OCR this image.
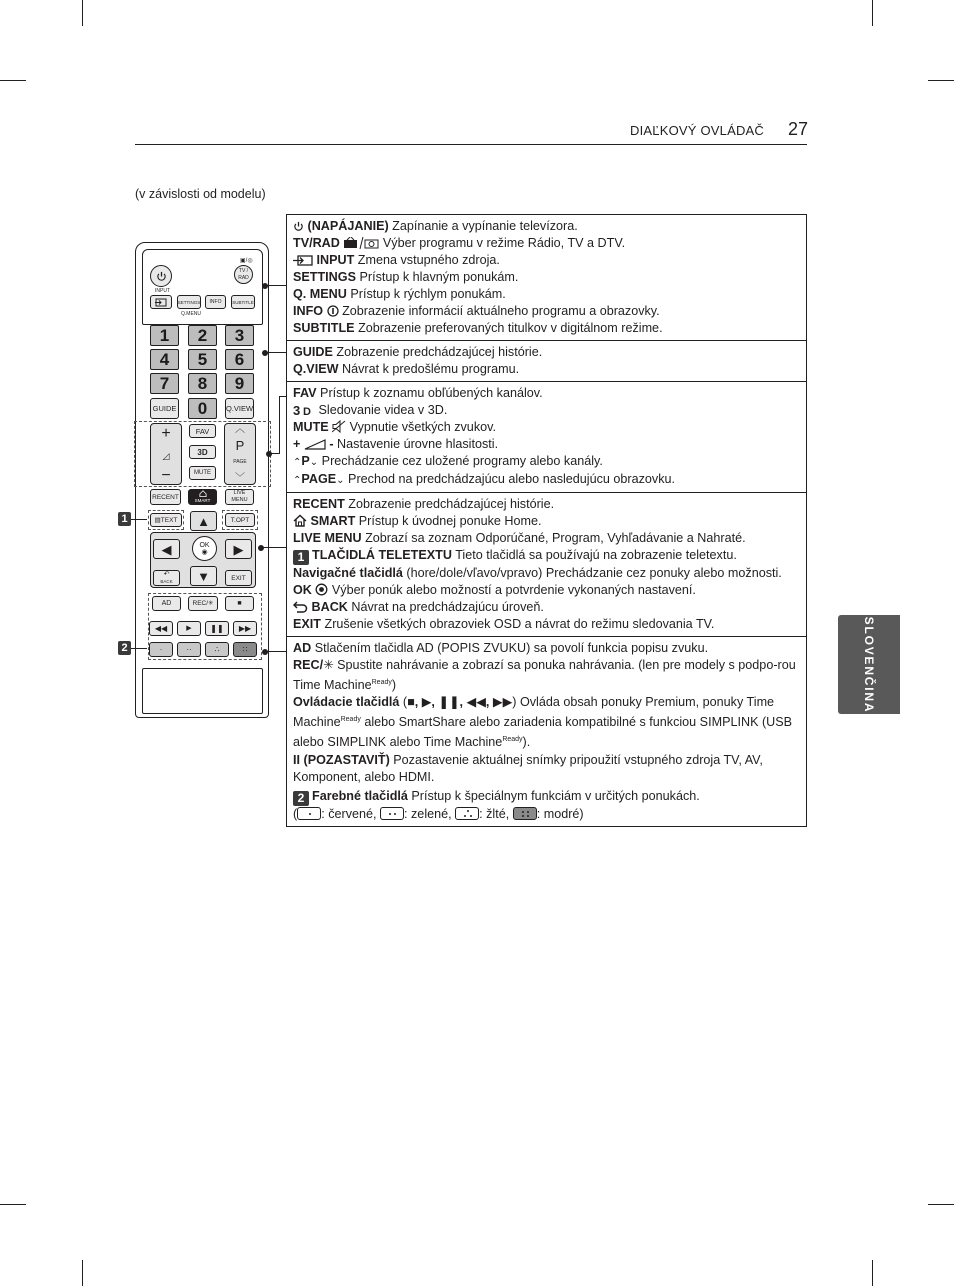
DIAĽKOVÝ OVLÁDAČ 27
(v závislosti od modelu)
SLOVENČINA
▣/◎
TV / RAD
INPUT
SETTINGS
Q.MENU
INFO	SUBTITLE
1	2	3
4	5	6
7	8	9
GUIDE	0	Q.VIEW
+
◿
−
FAV
3D
MUTE
︿
P
PAGE
﹀
RECENT	SMART
LIVE MENU
▤ TEXT	T.OPT
▲
◀	OK
◉ ▶
↶
BACK ▼	EXIT
AD	REC/ ✳	■
◀◀	▶ ❚❚ ▶▶
·	··	∴	∷
1
2
(NAPÁJANIE) Zapínanie a vypínanie televízora.
TV/RAD	Výber programu v režime Rádio, TV a DTV.
INPUT Zmena vstupného zdroja.
SETTINGS Prístup k hlavným ponukám.
Q. MENU Prístup k rýchlym ponukám.
INFO  Zobrazenie informácií aktuálneho programu a obrazovky.
SUBTITLE Zobrazenie preferovaných titulkov v digitálnom režime.
GUIDE Zobrazenie predchádzajúcej histórie.
Q.VIEW Návrat k predošlému programu.
FAV Prístup k zoznamu obľúbených kanálov.
3 D Sledovanie videa v 3D.
MUTE  Vypnutie všetkých zvukov.
+ - Nastavenie úrovne hlasitosti.
⌃P⌄ Prechádzanie cez uložené programy alebo kanály.
⌃PAGE⌄ Prechod na predchádzajúcu alebo nasledujúcu obrazovku.
RECENT Zobrazenie predchádzajúcej histórie.
SMART Prístup k úvodnej ponuke Home.
LIVE MENU Zobrazí sa zoznam Odporúčané, Program, Vyhľadávanie a Nahraté.
1 TLAČIDLÁ TELETEXTU Tieto tlačidlá sa používajú na zobrazenie teletextu.
Navigačné tlačidlá (hore/dole/vľavo/vpravo) Prechádzanie cez ponuky alebo možnosti.
OK  Výber ponúk alebo možností a potvrdenie vykonaných nastavení.
BACK Návrat na predchádzajúcu úroveň.
EXIT Zrušenie všetkých obrazoviek OSD a návrat do režimu sledovania TV.
AD Stlačením tlačidla AD (POPIS ZVUKU) sa povolí funkcia popisu zvuku.
REC/✳ Spustite nahrávanie a zobrazí sa ponuka nahrávania. (len pre modely s podpo-rou Time Machine$^{Ready}$)
Ovládacie tlačidlá (■, ▶, ❚❚, ◀◀, ▶▶) Ovláda obsah ponuky Premium, ponuky Time Machine$^{Ready}$ alebo SmartShare alebo zariadenia kompatibilné s funkciou SIMPLINK (USB alebo SIMPLINK alebo Time Machine$^{Ready}$).
II (POZASTAVIŤ) Pozastavenie aktuálnej snímky pripoužití vstupného zdroja TV, AV, Komponent, alebo HDMI.
2 Farebné tlačidlá Prístup k špeciálnym funkciám v určitých ponukách.
( : červené,
: zelené,
: žlté,
: modré)
